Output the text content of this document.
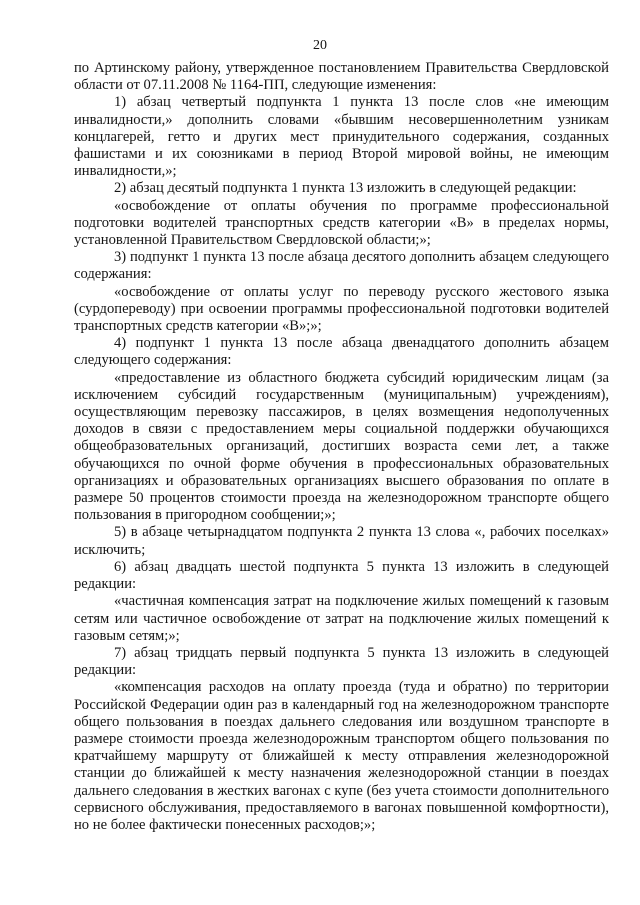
20

по Артинскому району, утвержденное постановлением Правительства Свердловской области от 07.11.2008 № 1164-ПП, следующие изменения:

1) абзац четвертый подпункта 1 пункта 13 после слов «не имеющим инвалидности,» дополнить словами «бывшим несовершеннолетним узникам концлагерей, гетто и других мест принудительного содержания, созданных фашистами и их союзниками в период Второй мировой войны, не имеющим инвалидности,»;

2) абзац десятый подпункта 1 пункта 13 изложить в следующей редакции:

«освобождение от оплаты обучения по программе профессиональной подготовки водителей транспортных средств категории «В» в пределах нормы, установленной Правительством Свердловской области;»;

3) подпункт 1 пункта 13 после абзаца десятого дополнить абзацем следующего содержания:

«освобождение от оплаты услуг по переводу русского жестового языка (сурдопереводу) при освоении программы профессиональной подготовки водителей транспортных средств категории «В»;»;

4) подпункт 1 пункта 13 после абзаца двенадцатого дополнить абзацем следующего содержания:

«предоставление из областного бюджета субсидий юридическим лицам (за исключением субсидий государственным (муниципальным) учреждениям), осуществляющим перевозку пассажиров, в целях возмещения недополученных доходов в связи с предоставлением меры социальной поддержки обучающихся общеобразовательных организаций, достигших возраста семи лет, а также обучающихся по очной форме обучения в профессиональных образовательных организациях и образовательных организациях высшего образования по оплате в размере 50 процентов стоимости проезда на железнодорожном транспорте общего пользования в пригородном сообщении;»;

5) в абзаце четырнадцатом подпункта 2 пункта 13 слова «, рабочих поселках» исключить;

6) абзац двадцать шестой подпункта 5 пункта 13 изложить в следующей редакции:

«частичная компенсация затрат на подключение жилых помещений к газовым сетям или частичное освобождение от затрат на подключение жилых помещений к газовым сетям;»;

7) абзац тридцать первый подпункта 5 пункта 13 изложить в следующей редакции:

«компенсация расходов на оплату проезда (туда и обратно) по территории Российской Федерации один раз в календарный год на железнодорожном транспорте общего пользования в поездах дальнего следования или воздушном транспорте в размере стоимости проезда железнодорожным транспортом общего пользования по кратчайшему маршруту от ближайшей к месту отправления железнодорожной станции до ближайшей к месту назначения железнодорожной станции в поездах дальнего следования в жестких вагонах с купе (без учета стоимости дополнительного сервисного обслуживания, предоставляемого в вагонах повышенной комфортности), но не более фактически понесенных расходов;»;
